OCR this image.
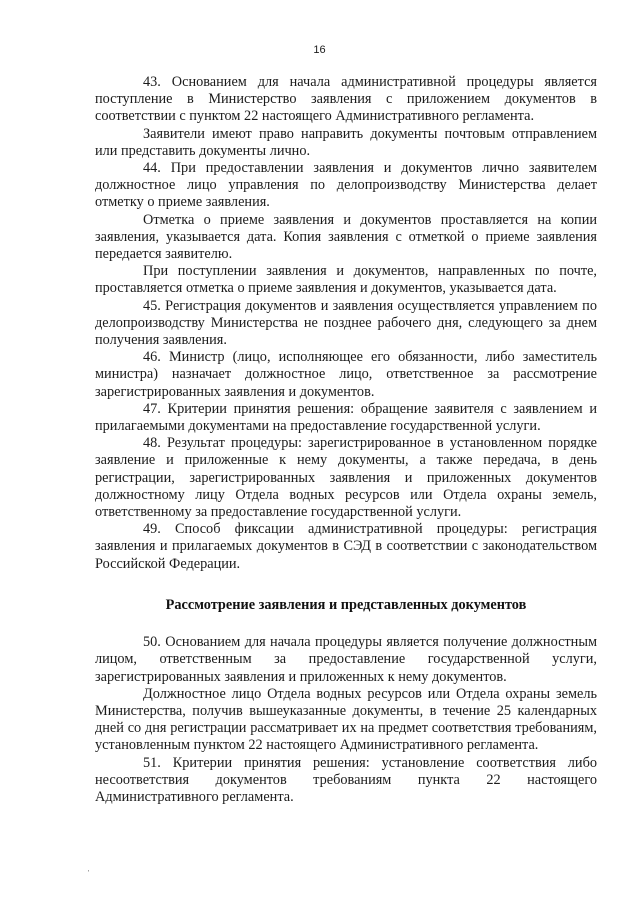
16

43. Основанием для начала административной процедуры является поступление в Министерство заявления с приложением документов в соответствии с пунктом 22 настоящего Административного регламента.

Заявители имеют право направить документы почтовым отправлением или представить документы лично.

44. При предоставлении заявления и документов лично заявителем должностное лицо управления по делопроизводству Министерства делает отметку о приеме заявления.

Отметка о приеме заявления и документов проставляется на копии заявления, указывается дата. Копия заявления с отметкой о приеме заявления передается заявителю.

При поступлении заявления и документов, направленных по почте, проставляется отметка о приеме заявления и документов, указывается дата.

45. Регистрация документов и заявления осуществляется управлением по делопроизводству Министерства не позднее рабочего дня, следующего за днем получения заявления.

46. Министр (лицо, исполняющее его обязанности, либо заместитель министра) назначает должностное лицо, ответственное за рассмотрение зарегистрированных заявления и документов.

47. Критерии принятия решения: обращение заявителя с заявлением и прилагаемыми документами на предоставление государственной услуги.

48. Результат процедуры: зарегистрированное в установленном порядке заявление и приложенные к нему документы, а также передача, в день регистрации, зарегистрированных заявления и приложенных документов должностному лицу Отдела водных ресурсов или Отдела охраны земель, ответственному за предоставление государственной услуги.

49. Способ фиксации административной процедуры: регистрация заявления и прилагаемых документов в СЭД в соответствии с законодательством Российской Федерации.

Рассмотрение заявления и представленных документов

50. Основанием для начала процедуры является получение должностным лицом, ответственным за предоставление государственной услуги, зарегистрированных заявления и приложенных к нему документов.

Должностное лицо Отдела водных ресурсов или Отдела охраны земель Министерства, получив вышеуказанные документы, в течение 25 календарных дней со дня регистрации рассматривает их на предмет соответствия требованиям, установленным пунктом 22 настоящего Административного регламента.

51. Критерии принятия решения: установление соответствия либо несоответствия документов требованиям пункта 22 настоящего Административного регламента.

'
